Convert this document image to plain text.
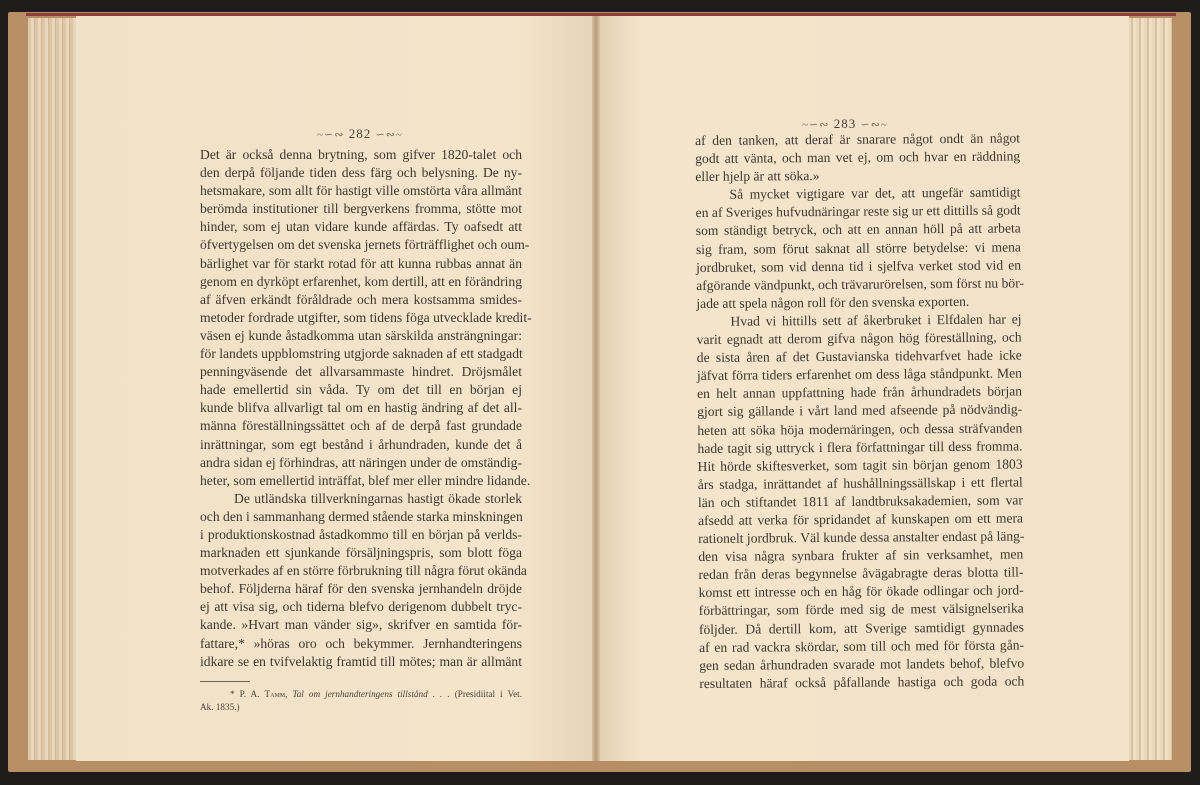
~∽∾ 282 ∽∾~
Det är också denna brytning, som gifver 1820-talet och
den derpå följande tiden dess färg och belysning. De ny-
hetsmakare, som allt för hastigt ville omstörta våra allmänt
berömda institutioner till bergverkens fromma, stötte mot
hinder, som ej utan vidare kunde affärdas. Ty oafsedt att
öfvertygelsen om det svenska jernets förträfflighet och oum-
bärlighet var för starkt rotad för att kunna rubbas annat än
genom en dyrköpt erfarenhet, kom dertill, att en förändring
af äfven erkändt föråldrade och mera kostsamma smides-
metoder fordrade utgifter, som tidens föga utvecklade kredit-
väsen ej kunde åstadkomma utan särskilda ansträngningar:
för landets uppblomstring utgjorde saknaden af ett stadgadt
penningväsende det allvarsammaste hindret. Dröjsmålet
hade emellertid sin våda. Ty om det till en början ej
kunde blifva allvarligt tal om en hastig ändring af det all-
männa föreställningssättet och af de derpå fast grundade
inrättningar, som egt bestånd i århundraden, kunde det å
andra sidan ej förhindras, att näringen under de omständig-
heter, som emellertid inträffat, blef mer eller mindre lidande.
De utländska tillverkningarnas hastigt ökade storlek
och den i sammanhang dermed stående starka minskningen
i produktionskostnad åstadkommo till en början på verlds-
marknaden ett sjunkande försäljningspris, som blott föga
motverkades af en större förbrukning till några förut okända
behof. Följderna häraf för den svenska jernhandeln dröjde
ej att visa sig, och tiderna blefvo derigenom dubbelt tryc-
kande. »Hvart man vänder sig», skrifver en samtida för-
fattare,* »höras oro och bekymmer. Jernhandteringens
idkare se en tvifvelaktig framtid till mötes; man är allmänt
* P. A. Tamm, Tal om jernhandteringens tillstånd . . . (Presidiital i Vet.
Ak. 1835.)
~∽∾ 283 ∽∾~
af den tanken, att deraf är snarare något ondt än något
godt att vänta, och man vet ej, om och hvar en räddning
eller hjelp är att söka.»
Så mycket vigtigare var det, att ungefär samtidigt
en af Sveriges hufvudnäringar reste sig ur ett dittills så godt
som ständigt betryck, och att en annan höll på att arbeta
sig fram, som förut saknat all större betydelse: vi mena
jordbruket, som vid denna tid i sjelfva verket stod vid en
afgörande vändpunkt, och trävarurörelsen, som först nu bör-
jade att spela någon roll för den svenska exporten.
Hvad vi hittills sett af åkerbruket i Elfdalen har ej
varit egnadt att derom gifva någon hög föreställning, och
de sista åren af det Gustavianska tidehvarfvet hade icke
jäfvat förra tiders erfarenhet om dess låga ståndpunkt. Men
en helt annan uppfattning hade från århundradets början
gjort sig gällande i vårt land med afseende på nödvändig-
heten att söka höja modernäringen, och dessa sträfvanden
hade tagit sig uttryck i flera författningar till dess fromma.
Hit hörde skiftesverket, som tagit sin början genom 1803
års stadga, inrättandet af hushållningssällskap i ett flertal
län och stiftandet 1811 af landtbruksakademien, som var
afsedd att verka för spridandet af kunskapen om ett mera
rationelt jordbruk. Väl kunde dessa anstalter endast på läng-
den visa några synbara frukter af sin verksamhet, men
redan från deras begynnelse åvägabragte deras blotta till-
komst ett intresse och en håg för ökade odlingar och jord-
förbättringar, som förde med sig de mest välsignelserika
följder. Då dertill kom, att Sverige samtidigt gynnades
af en rad vackra skördar, som till och med för första gån-
gen sedan århundraden svarade mot landets behof, blefvo
resultaten häraf också påfallande hastiga och goda och
